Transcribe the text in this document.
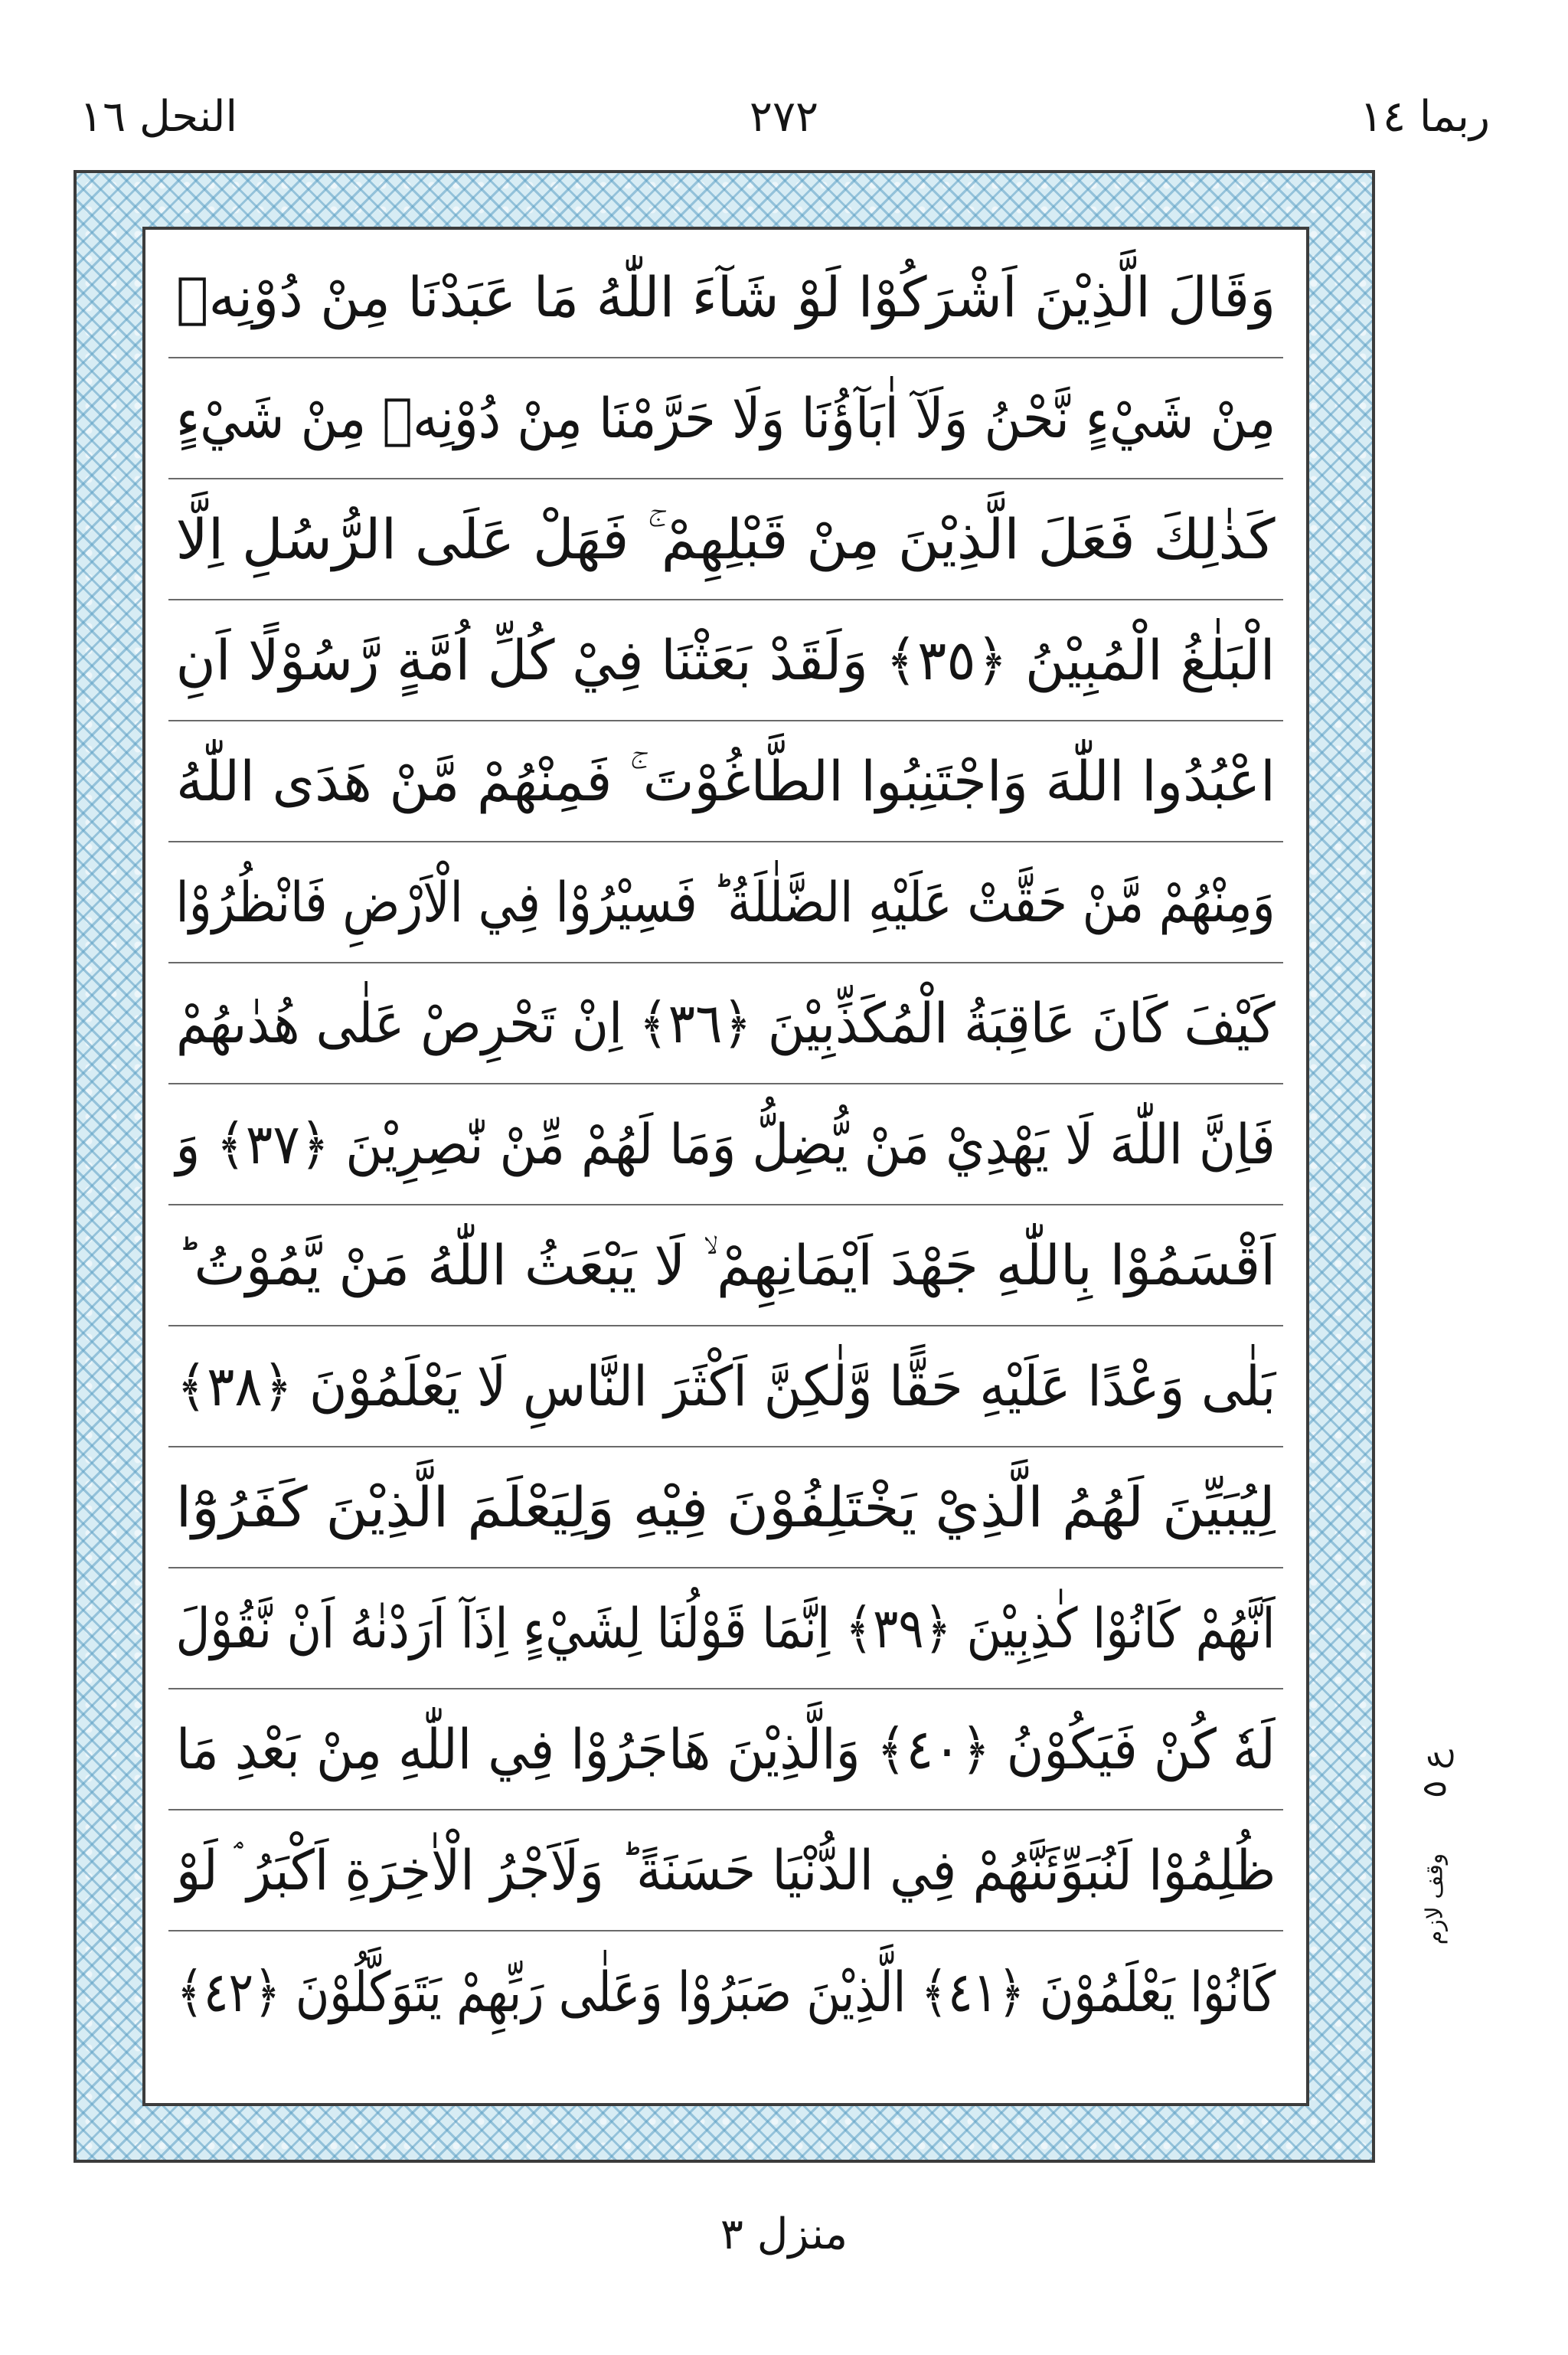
النحل ١٦	٢٧٢	ربما ١٤
وَقَالَ الَّذِيْنَ اَشْرَكُوْا لَوْ شَآءَ اللّٰهُ مَا عَبَدْنَا مِنْ دُوْنِهٖ
مِنْ شَيْءٍ نَّحْنُ وَلَآ اٰبَآؤُنَا وَلَا حَرَّمْنَا مِنْ دُوْنِهٖ مِنْ شَيْءٍ
كَذٰلِكَ فَعَلَ الَّذِيْنَ مِنْ قَبْلِهِمْ ۚ فَهَلْ عَلَى الرُّسُلِ اِلَّا
الْبَلٰغُ الْمُبِيْنُ ﴿٣٥﴾ وَلَقَدْ بَعَثْنَا فِيْ كُلِّ اُمَّةٍ رَّسُوْلًا اَنِ
اعْبُدُوا اللّٰهَ وَاجْتَنِبُوا الطَّاغُوْتَ ۚ فَمِنْهُمْ مَّنْ هَدَى اللّٰهُ
وَمِنْهُمْ مَّنْ حَقَّتْ عَلَيْهِ الضَّلٰلَةُ ؕ فَسِيْرُوْا فِي الْاَرْضِ فَانْظُرُوْا
كَيْفَ كَانَ عَاقِبَةُ الْمُكَذِّبِيْنَ ﴿٣٦﴾ اِنْ تَحْرِصْ عَلٰى هُدٰىهُمْ
فَاِنَّ اللّٰهَ لَا يَهْدِيْ مَنْ يُّضِلُّ وَمَا لَهُمْ مِّنْ نّٰصِرِيْنَ ﴿٣٧﴾ وَ
اَقْسَمُوْا بِاللّٰهِ جَهْدَ اَيْمَانِهِمْ ۙ لَا يَبْعَثُ اللّٰهُ مَنْ يَّمُوْتُ ؕ
بَلٰى وَعْدًا عَلَيْهِ حَقًّا وَّلٰكِنَّ اَكْثَرَ النَّاسِ لَا يَعْلَمُوْنَ ﴿٣٨﴾
لِيُبَيِّنَ لَهُمُ الَّذِيْ يَخْتَلِفُوْنَ فِيْهِ وَلِيَعْلَمَ الَّذِيْنَ كَفَرُوْٓا
اَنَّهُمْ كَانُوْا كٰذِبِيْنَ ﴿٣٩﴾ اِنَّمَا قَوْلُنَا لِشَيْءٍ اِذَآ اَرَدْنٰهُ اَنْ نَّقُوْلَ
لَهٗ كُنْ فَيَكُوْنُ ﴿٤٠﴾ وَالَّذِيْنَ هَاجَرُوْا فِي اللّٰهِ مِنْ بَعْدِ مَا
ظُلِمُوْا لَنُبَوِّئَنَّهُمْ فِي الدُّنْيَا حَسَنَةً ؕ وَلَاَجْرُ الْاٰخِرَةِ اَكْبَرُ ۘ لَوْ
كَانُوْا يَعْلَمُوْنَ ﴿٤١﴾ الَّذِيْنَ صَبَرُوْا وَعَلٰى رَبِّهِمْ يَتَوَكَّلُوْنَ ﴿٤٢﴾
ع ٥
وقف لازم
منزل ٣
